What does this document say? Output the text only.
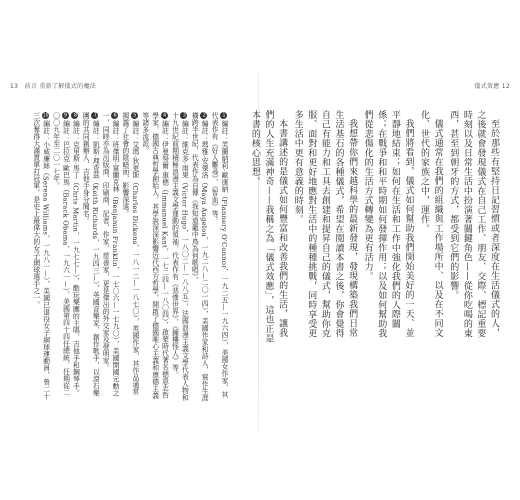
13　前言 重新了解儀式的魔法	儀式效應 12

至於那些有堅持日記習慣或者深度在生活儀式的人，之後就會發現儀式在自己工作、朋友、交際、標記重要時刻以及日常生活中扮演著關鍵角色——從你吃喝的東西，甚至到朝牙的方式，都受到它們的影響。

儀式通常在我們的組織與工作場所中、以及在不同文化、世代的家族之中，運作。

我們將看到，儀式如何幫助我們開始美好的一天、並平靜地結束；如何在生活和工作中強化我們的人際關係；在戰爭和和平時期如何發揮作用；以及如何幫助我們從悲傷化的生活方式轉變為更有活力。

我想帶你們來越科學的最新發現，發現構築我們日常生活基石的各種儀式，希望在閱讀本書之後，你會覺得自己有能力和工具去創建和提昇自己的儀式，幫助你克服、面對和更好地應對生活中的種種挑戰，同時享受更多生活中更有意義的時刻。

本書講述的是儀式如何豐富和改善我們的生活，讓我們的人生充滿神奇——我稱之為「儀式效應」，這也正是本書的核心思想。

1編註：芙蘭納莉·歐康納（Flannery O'Connor，一九二五—一九六四），美國女作家，其代表作有《好人難尋》、《智血》等。

2編註：瑪雅·安傑洛（Maya Angelou，一九二八—二〇一四），美國作家和詩人，寫作生涯橫跨半世紀，代表作為自傳《我知道籠中鳥為何歌唱》。

3編註：維克多·雨果（Victor Hugo，一八〇二—一八八五），法國浪漫主義文學代表人物和十九世紀前期積極浪漫主義文學運動的領袖，代表作有《悲慘世界》、《鐘樓怪人》等。

4編註：伊曼努爾·康德（Immanuel Kant，一七二四—一八〇四），啟蒙時代著名德意志哲學家，德國古典哲學創始人，其學說深深影響近代西方哲學，開啟了德國唯心主義和康德主義等諸多流派。

5編註：艾瑪·狄更斯（Charles Dickens，一八一二—一八七〇），英國作家，其作品通常揭露了社會的陰暗面，影響深遠。

6編註：班傑明·富蘭克林（Benjamin Franklin，一七〇六—一七九〇），美國開國元勳之一，同時亦為出版商、印刷商、記者、作家、慈善家，更是傑出的外交家及發明家。

7編註：凱斯·理查茲（Keith Richards，一九四三—），英國音樂家、創作歌手，以滾石樂團的共同創辦人、吉他手身分聞名。

8編註：克里斯·馬丁（Chris Martin，一九七七—），酷玩樂團的主唱、吉他手和鋼琴手。

9編註：巴拉克·歐巴馬（Barack Obama，一九六一—），美國第四十四任總統，任期從二〇〇九年至二〇一七年。

10編註：小威廉絲（Serena Williams，一九八一—），美國已退役女子網球運動員，曾二十三次奪得大滿貫單打冠軍，是史上最偉大的女子網球選手之一。
